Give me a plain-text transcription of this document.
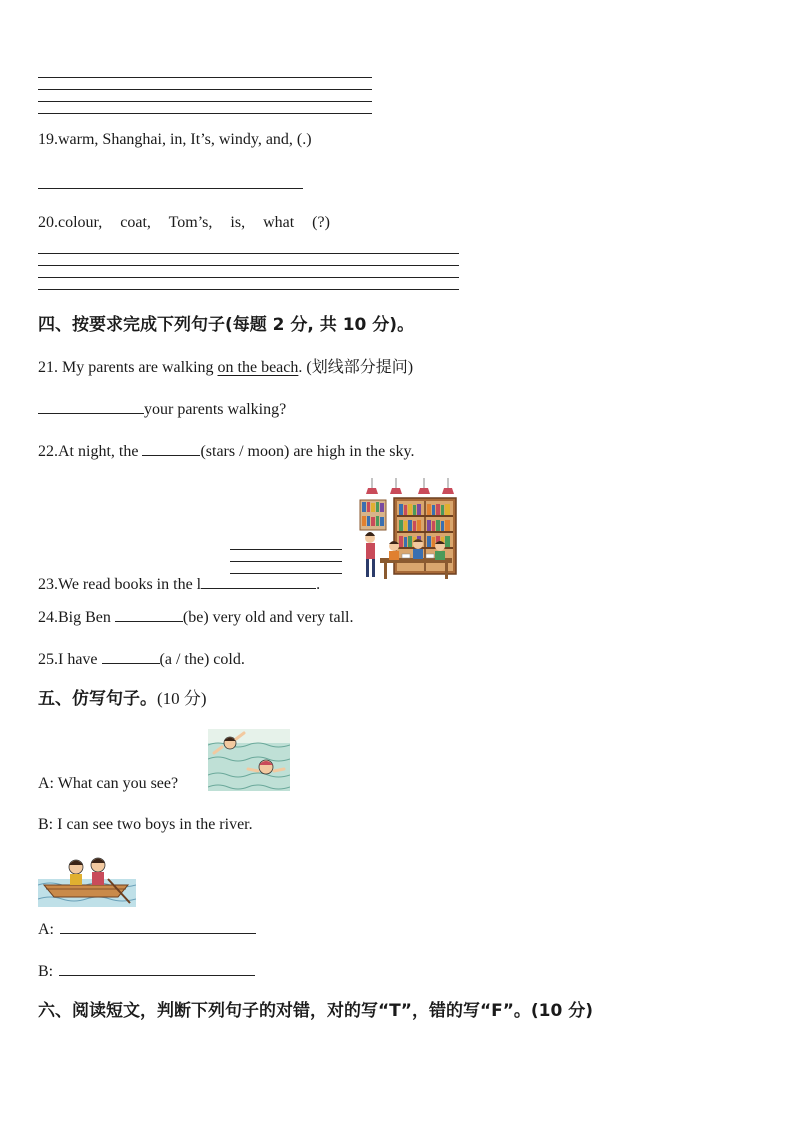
19.warm, Shanghai, in, It’s, windy, and, (.)
20.colour, coat, Tom’s, is, what (?)
四、按要求完成下列句子(每题 2 分, 共 10 分)。
21. My parents are walking on the beach. (划线部分提问)
your parents walking?
22.At night, the	(stars / moon) are high in the sky.
23.We read books in the l	.
24.Big Ben	(be) very old and very tall.
25.I have	(a / the) cold.
五、仿写句子。(10 分)
A: What can you see?
B: I can see two boys in the river.
A:
B:
六、阅读短文，判断下列句子的对错，对的写“T”，错的写“F”。(10 分)
